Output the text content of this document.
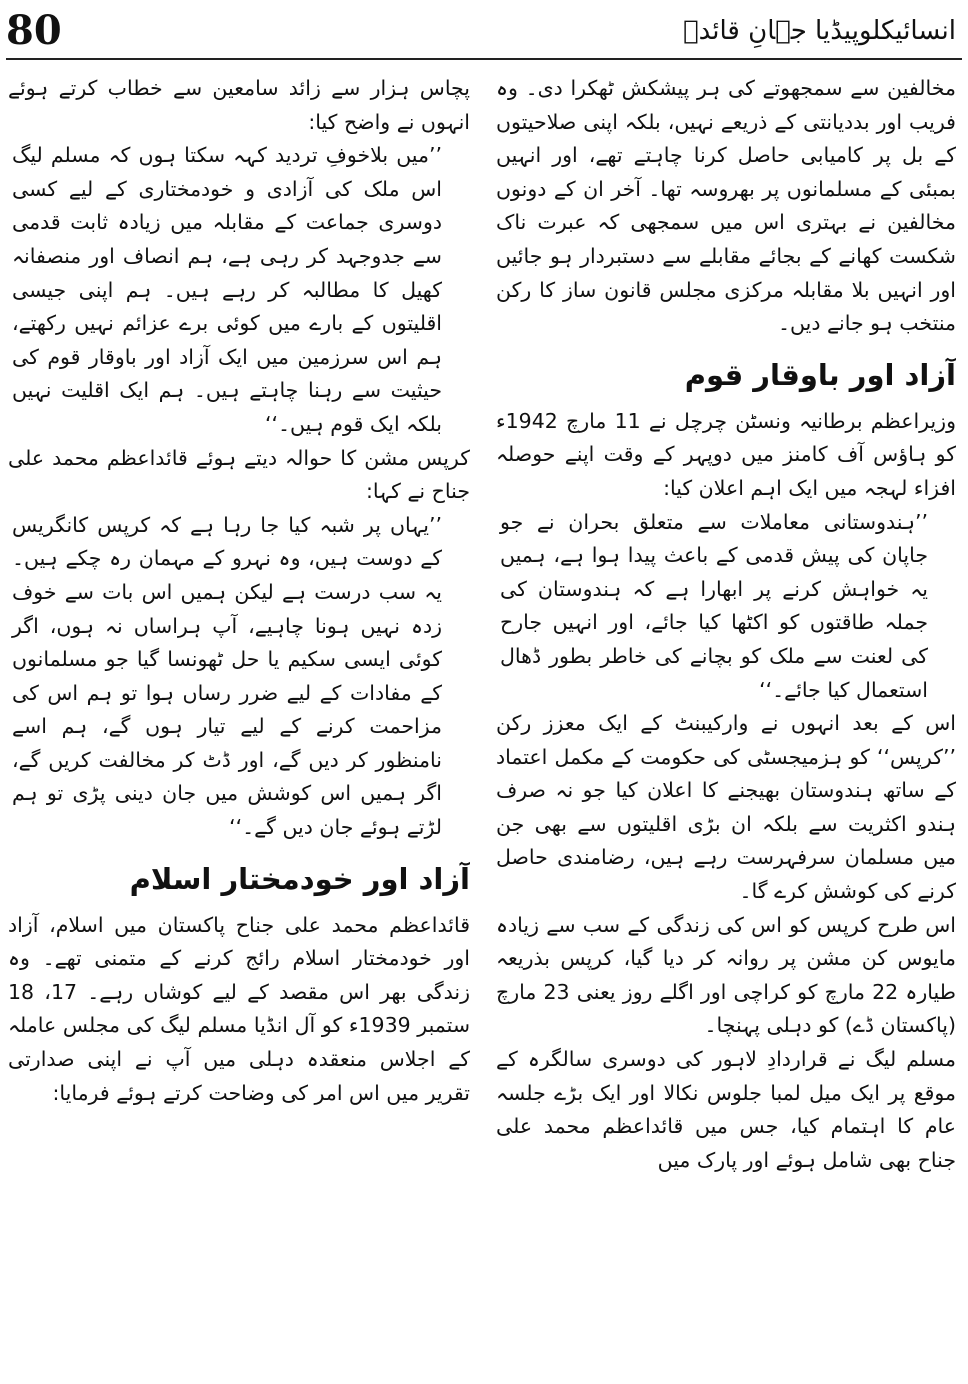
80	انسائیکلوپیڈیا جہانِ قائدؒ

مخالفین سے سمجھوتے کی ہر پیشکش ٹھکرا دی۔ وہ فریب اور بددیانتی کے ذریعے نہیں، بلکہ اپنی صلاحیتوں کے بل پر کامیابی حاصل کرنا چاہتے تھے، اور انہیں بمبئی کے مسلمانوں پر بھروسہ تھا۔ آخر ان کے دونوں مخالفین نے بہتری اس میں سمجھی کہ عبرت ناک شکست کھانے کے بجائے مقابلے سے دستبردار ہو جائیں اور انہیں بلا مقابلہ مرکزی مجلس قانون ساز کا رکن منتخب ہو جانے دیں۔

آزاد اور باوقار قوم

وزیراعظم برطانیہ ونسٹن چرچل نے 11 مارچ 1942ء کو ہاؤس آف کامنز میں دوپہر کے وقت اپنے حوصلہ افزاء لہجہ میں ایک اہم اعلان کیا:

’’ہندوستانی معاملات سے متعلق بحران نے جو جاپان کی پیش قدمی کے باعث پیدا ہوا ہے، ہمیں یہ خواہش کرنے پر ابھارا ہے کہ ہندوستان کی جملہ طاقتوں کو اکٹھا کیا جائے، اور انہیں جارح کی لعنت سے ملک کو بچانے کی خاطر بطور ڈھال استعمال کیا جائے۔‘‘

اس کے بعد انہوں نے وارکیبنٹ کے ایک معزز رکن ’’کرپس‘‘ کو ہزمیجسٹی کی حکومت کے مکمل اعتماد کے ساتھ ہندوستان بھیجنے کا اعلان کیا جو نہ صرف ہندو اکثریت سے بلکہ ان بڑی اقلیتوں سے بھی جن میں مسلمان سرفہرست رہے ہیں، رضامندی حاصل کرنے کی کوشش کرے گا۔

اس طرح کرپس کو اس کی زندگی کے سب سے زیادہ مایوس کن مشن پر روانہ کر دیا گیا، کرپس بذریعہ طیارہ 22 مارچ کو کراچی اور اگلے روز یعنی 23 مارچ (پاکستان ڈے) کو دہلی پہنچا۔

مسلم لیگ نے قراردادِ لاہور کی دوسری سالگرہ کے موقع پر ایک میل لمبا جلوس نکالا اور ایک بڑے جلسہ عام کا اہتمام کیا، جس میں قائداعظم محمد علی جناح بھی شامل ہوئے اور پارک میں

پچاس ہزار سے زائد سامعین سے خطاب کرتے ہوئے انہوں نے واضح کیا:

’’میں بلاخوفِ تردید کہہ سکتا ہوں کہ مسلم لیگ اس ملک کی آزادی و خودمختاری کے لیے کسی دوسری جماعت کے مقابلہ میں زیادہ ثابت قدمی سے جدوجہد کر رہی ہے، ہم انصاف اور منصفانہ کھیل کا مطالبہ کر رہے ہیں۔ ہم اپنی جیسی اقلیتوں کے بارے میں کوئی برے عزائم نہیں رکھتے، ہم اس سرزمین میں ایک آزاد اور باوقار قوم کی حیثیت سے رہنا چاہتے ہیں۔ ہم ایک اقلیت نہیں بلکہ ایک قوم ہیں۔‘‘

کرپس مشن کا حوالہ دیتے ہوئے قائداعظم محمد علی جناح نے کہا:

’’یہاں پر شبہ کیا جا رہا ہے کہ کرپس کانگریس کے دوست ہیں، وہ نہرو کے مہمان رہ چکے ہیں۔ یہ سب درست ہے لیکن ہمیں اس بات سے خوف زدہ نہیں ہونا چاہیے، آپ ہراساں نہ ہوں، اگر کوئی ایسی سکیم یا حل ٹھونسا گیا جو مسلمانوں کے مفادات کے لیے ضرر رساں ہوا تو ہم اس کی مزاحمت کرنے کے لیے تیار ہوں گے، ہم اسے نامنظور کر دیں گے، اور ڈٹ کر مخالفت کریں گے، اگر ہمیں اس کوشش میں جان دینی پڑی تو ہم لڑتے ہوئے جان دیں گے۔‘‘

آزاد اور خودمختار اسلام

قائداعظم محمد علی جناح پاکستان میں اسلام، آزاد اور خودمختار اسلام رائج کرنے کے متمنی تھے۔ وہ زندگی بھر اس مقصد کے لیے کوشاں رہے۔ 17، 18 ستمبر 1939ء کو آل انڈیا مسلم لیگ کی مجلس عاملہ کے اجلاس منعقدہ دہلی میں آپ نے اپنی صدارتی تقریر میں اس امر کی وضاحت کرتے ہوئے فرمایا:
